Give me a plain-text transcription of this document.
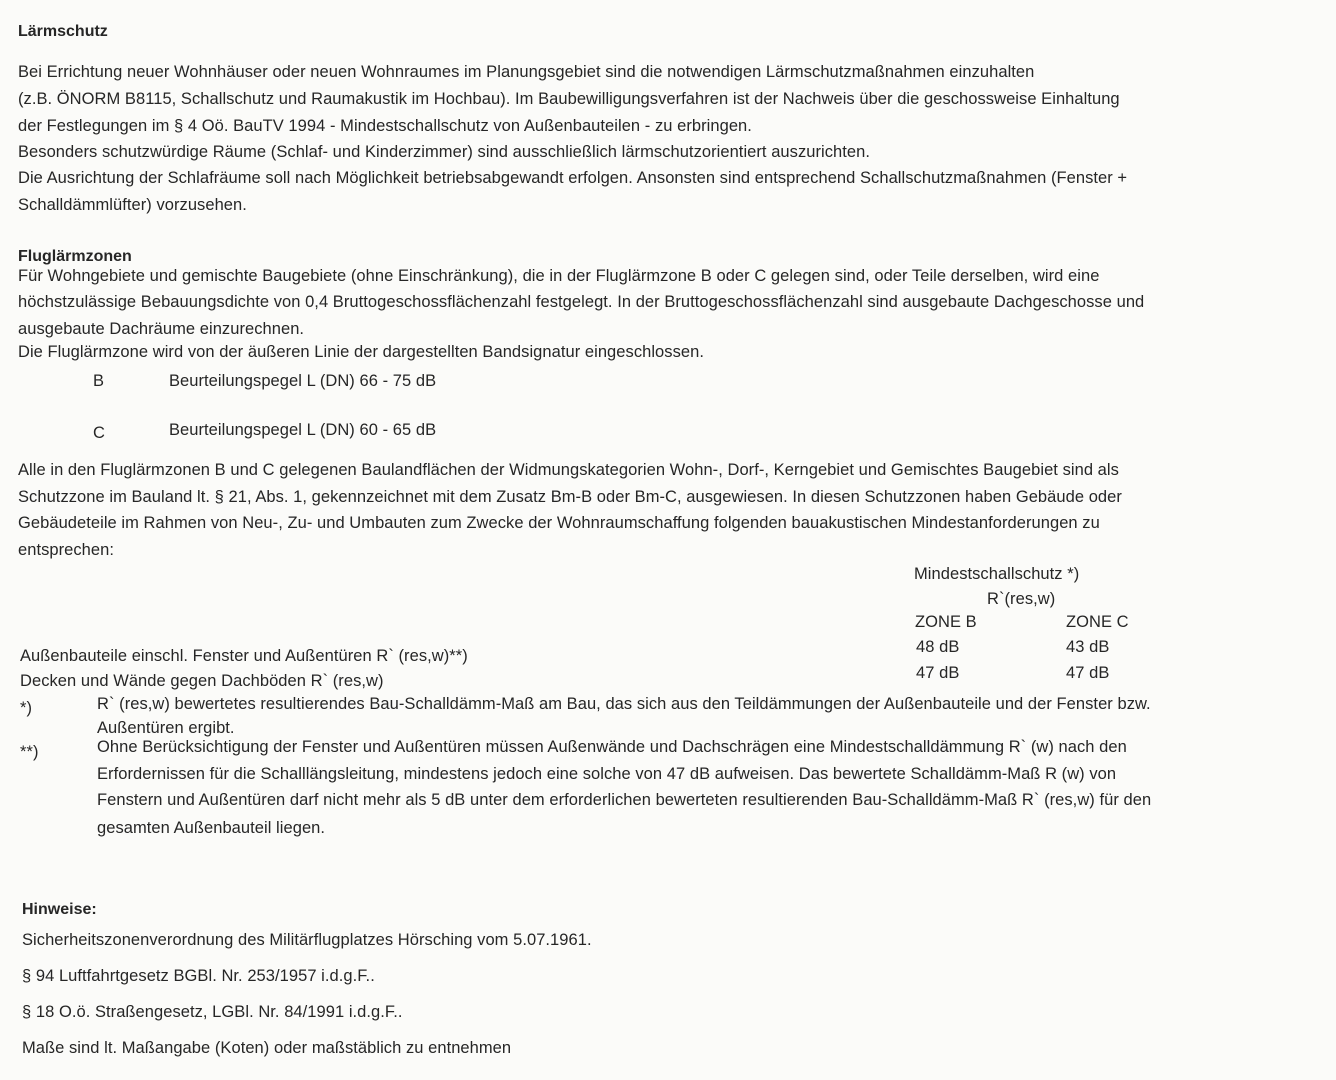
Lärmschutz
Bei Errichtung neuer Wohnhäuser oder neuen Wohnraumes im Planungsgebiet sind die notwendigen Lärmschutzmaßnahmen einzuhalten
(z.B. ÖNORM B8115, Schallschutz und Raumakustik im Hochbau). Im Baubewilligungsverfahren ist der Nachweis über die geschossweise Einhaltung
der Festlegungen im § 4 Oö. BauTV 1994 - Mindestschallschutz von Außenbauteilen - zu erbringen.
Besonders schutzwürdige Räume (Schlaf- und Kinderzimmer) sind ausschließlich lärmschutzorientiert auszurichten.
Die Ausrichtung der Schlafräume soll nach Möglichkeit betriebsabgewandt erfolgen. Ansonsten sind entsprechend Schallschutzmaßnahmen (Fenster +
Schalldämmlüfter) vorzusehen.
Fluglärmzonen
Für Wohngebiete und gemischte Baugebiete (ohne Einschränkung), die in der Fluglärmzone B oder C gelegen sind, oder Teile derselben, wird eine
höchstzulässige Bebauungsdichte von 0,4 Bruttogeschossflächenzahl festgelegt. In der Bruttogeschossflächenzahl sind ausgebaute Dachgeschosse und
ausgebaute Dachräume einzurechnen.
Die Fluglärmzone wird von der äußeren Linie der dargestellten Bandsignatur eingeschlossen.
B	Beurteilungspegel L (DN) 66 - 75 dB
C	Beurteilungspegel L (DN) 60 - 65 dB
Alle in den Fluglärmzonen B und C gelegenen Baulandflächen der Widmungskategorien Wohn-, Dorf-, Kerngebiet und Gemischtes Baugebiet sind als
Schutzzone im Bauland lt. § 21, Abs. 1, gekennzeichnet mit dem Zusatz Bm-B oder Bm-C, ausgewiesen. In diesen Schutzzonen haben Gebäude oder
Gebäudeteile im Rahmen von Neu-, Zu- und Umbauten zum Zwecke der Wohnraumschaffung folgenden bauakustischen Mindestanforderungen zu
entsprechen:
Mindestschallschutz *)
R`(res,w)
ZONE B	ZONE C
Außenbauteile einschl. Fenster und Außentüren R` (res,w)**)	48 dB	43 dB
Decken und Wände gegen Dachböden R` (res,w)	47 dB	47 dB
*)	R` (res,w) bewertetes resultierendes Bau-Schalldämm-Maß am Bau, das sich aus den Teildämmungen der Außenbauteile und der Fenster bzw.
Außentüren ergibt.
**)	Ohne Berücksichtigung der Fenster und Außentüren müssen Außenwände und Dachschrägen eine Mindestschalldämmung R` (w) nach den
Erfordernissen für die Schalllängsleitung, mindestens jedoch eine solche von 47 dB aufweisen. Das bewertete Schalldämm-Maß R (w) von
Fenstern und Außentüren darf nicht mehr als 5 dB unter dem erforderlichen bewerteten resultierenden Bau-Schalldämm-Maß R` (res,w) für den
gesamten Außenbauteil liegen.
Hinweise:
Sicherheitszonenverordnung des Militärflugplatzes Hörsching vom 5.07.1961.
§ 94 Luftfahrtgesetz BGBl. Nr. 253/1957 i.d.g.F..
§ 18 O.ö. Straßengesetz, LGBl. Nr. 84/1991 i.d.g.F..
Maße sind lt. Maßangabe (Koten) oder maßstäblich zu entnehmen
